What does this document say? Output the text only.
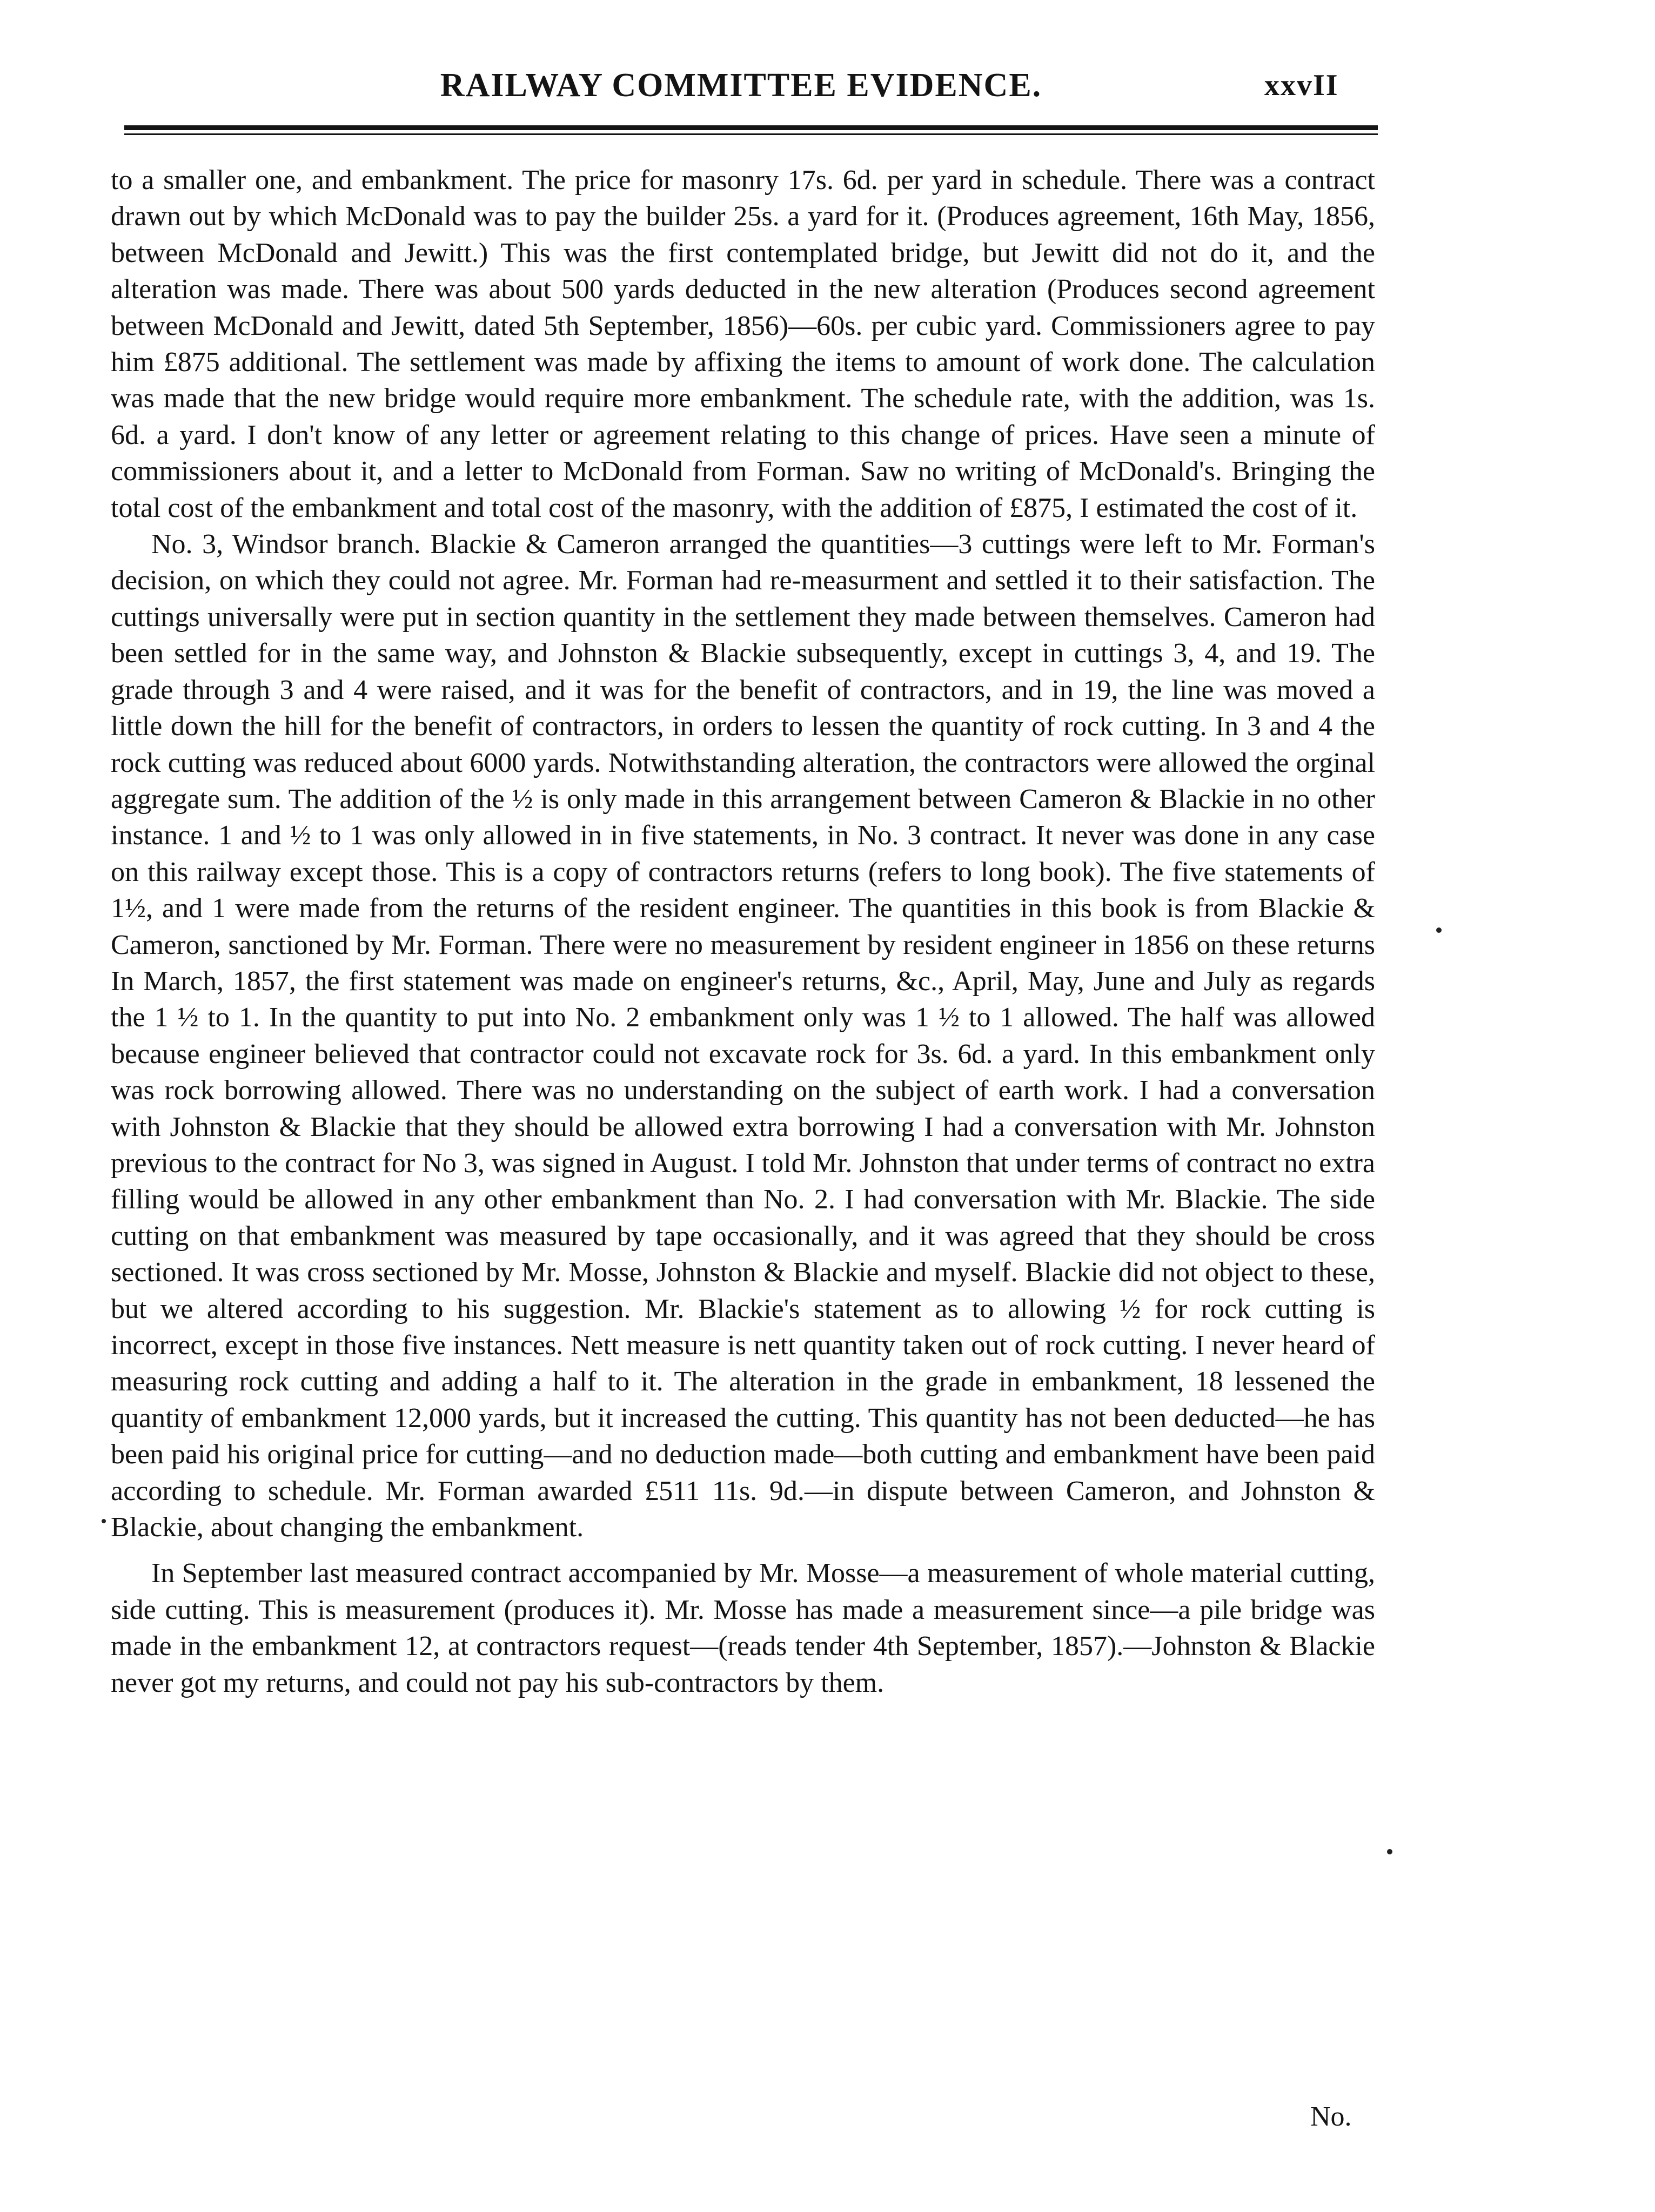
RAILWAY COMMITTEE EVIDENCE.	xxvII

to a smaller one, and embankment. The price for masonry 17s. 6d. per yard in schedule. There was a contract drawn out by which McDonald was to pay the builder 25s. a yard for it. (Produces agreement, 16th May, 1856, between McDonald and Jewitt.) This was the first contemplated bridge, but Jewitt did not do it, and the alteration was made. There was about 500 yards deducted in the new alteration (Produces second agreement between McDonald and Jewitt, dated 5th September, 1856)—60s. per cubic yard. Commissioners agree to pay him £875 additional. The settlement was made by affixing the items to amount of work done. The calculation was made that the new bridge would require more embankment. The schedule rate, with the addition, was 1s. 6d. a yard. I don't know of any letter or agreement relating to this change of prices. Have seen a minute of commissioners about it, and a letter to McDonald from Forman. Saw no writing of McDonald's. Bringing the total cost of the embankment and total cost of the masonry, with the addition of £875, I estimated the cost of it.

No. 3, Windsor branch. Blackie & Cameron arranged the quantities—3 cuttings were left to Mr. Forman's decision, on which they could not agree. Mr. Forman had re-measurment and settled it to their satisfaction. The cuttings universally were put in section quantity in the settlement they made between themselves. Cameron had been settled for in the same way, and Johnston & Blackie subsequently, except in cuttings 3, 4, and 19. The grade through 3 and 4 were raised, and it was for the benefit of contractors, and in 19, the line was moved a little down the hill for the benefit of contractors, in orders to lessen the quantity of rock cutting. In 3 and 4 the rock cutting was reduced about 6000 yards. Notwithstanding alteration, the contractors were allowed the orginal aggregate sum. The addition of the ½ is only made in this arrangement between Cameron & Blackie in no other instance. 1 and ½ to 1 was only allowed in in five statements, in No. 3 contract. It never was done in any case on this railway except those. This is a copy of contractors returns (refers to long book). The five statements of 1½, and 1 were made from the returns of the resident engineer. The quantities in this book is from Blackie & Cameron, sanctioned by Mr. Forman. There were no measurement by resident engineer in 1856 on these returns In March, 1857, the first statement was made on engineer's returns, &c., April, May, June and July as regards the 1 ½ to 1. In the quantity to put into No. 2 embankment only was 1 ½ to 1 allowed. The half was allowed because engineer believed that contractor could not excavate rock for 3s. 6d. a yard. In this embankment only was rock borrowing allowed. There was no understanding on the subject of earth work. I had a conversation with Johnston & Blackie that they should be allowed extra borrowing I had a conversation with Mr. Johnston previous to the contract for No 3, was signed in August. I told Mr. Johnston that under terms of contract no extra filling would be allowed in any other embankment than No. 2. I had conversation with Mr. Blackie. The side cutting on that embankment was measured by tape occasionally, and it was agreed that they should be cross sectioned. It was cross sectioned by Mr. Mosse, Johnston & Blackie and myself. Blackie did not object to these, but we altered according to his suggestion. Mr. Blackie's statement as to allowing ½ for rock cutting is incorrect, except in those five instances. Nett measure is nett quantity taken out of rock cutting. I never heard of measuring rock cutting and adding a half to it. The alteration in the grade in embankment, 18 lessened the quantity of embankment 12,000 yards, but it increased the cutting. This quantity has not been deducted—he has been paid his original price for cutting—and no deduction made—both cutting and embankment have been paid according to schedule. Mr. Forman awarded £511 11s. 9d.—in dispute between Cameron, and Johnston & Blackie, about changing the embankment.

In September last measured contract accompanied by Mr. Mosse—a measurement of whole material cutting, side cutting. This is measurement (produces it). Mr. Mosse has made a measurement since—a pile bridge was made in the embankment 12, at contractors request—(reads tender 4th September, 1857).—Johnston & Blackie never got my returns, and could not pay his sub-contractors by them.

No.
